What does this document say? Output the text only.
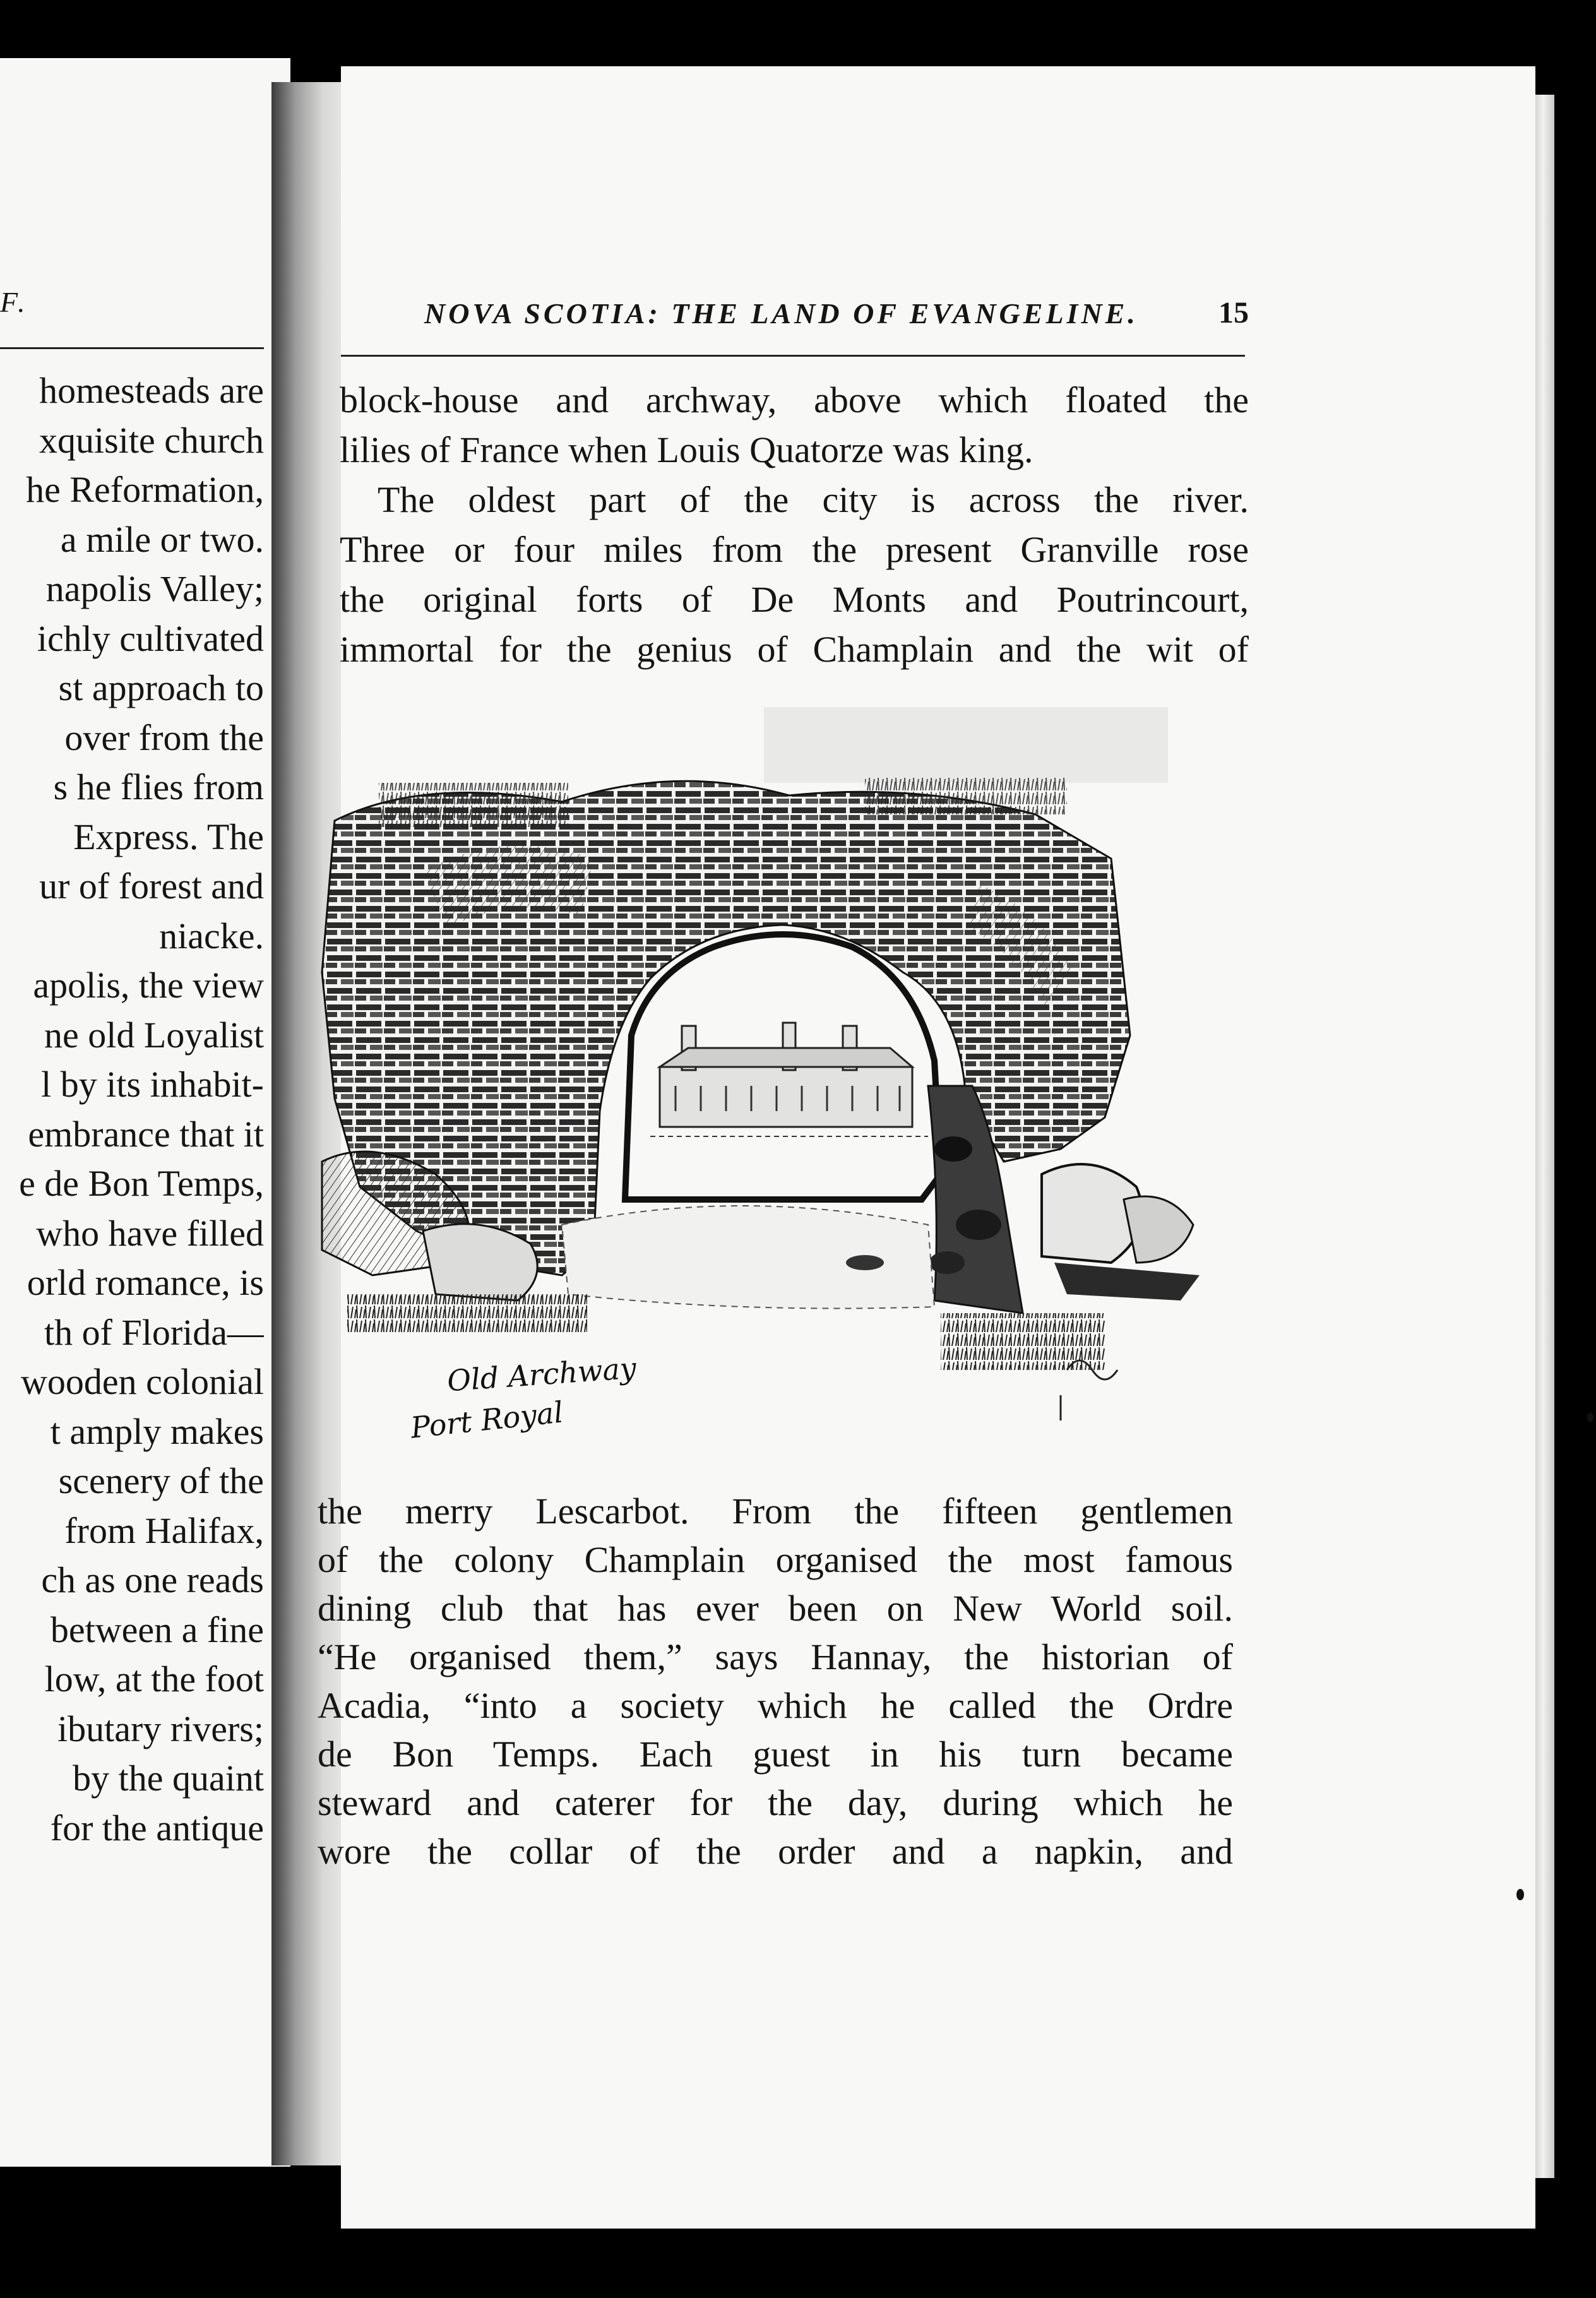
F.
homesteads are
xquisite church
he Reformation,
a mile or two.
napolis Valley;
ichly cultivated
st approach to
over from the
s he flies from
Express. The
ur of forest and
niacke.
apolis, the view
ne old Loyalist
l by its inhabit-
embrance that it
e de Bon Temps,
who have filled
orld romance, is
th of Florida—
wooden colonial
t amply makes
scenery of the
from Halifax,
ch as one reads
between a fine
low, at the foot
ibutary rivers;
by the quaint
for the antique
NOVA SCOTIA: THE LAND OF EVANGELINE.	15
block-house and archway, above which floated the
lilies of France when Louis Quatorze was king.
The oldest part of the city is across the river.
Three or four miles from the present Granville rose
the original forts of De Monts and Poutrincourt,
immortal for the genius of Champlain and the wit of
Old Archway
Port Royal
the merry Lescarbot. From the fifteen gentlemen
of the colony Champlain organised the most famous
dining club that has ever been on New World soil.
“He organised them,” says Hannay, the historian of
Acadia, “into a society which he called the Ordre
de Bon Temps. Each guest in his turn became
steward and caterer for the day, during which he
wore the collar of the order and a napkin, and
